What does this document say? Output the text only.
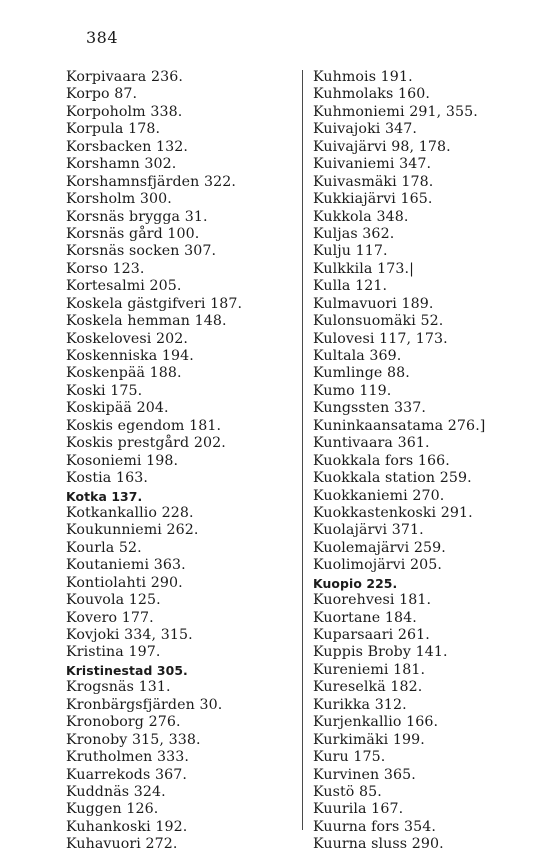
384
Korpivaara 236.
Korpo 87.
Korpoholm 338.
Korpula 178.
Korsbacken 132.
Korshamn 302.
Korshamnsfjärden 322.
Korsholm 300.
Korsnäs brygga 31.
Korsnäs gård 100.
Korsnäs socken 307.
Korso 123.
Kortesalmi 205.
Koskela gästgifveri 187.
Koskela hemman 148.
Koskelovesi 202.
Koskenniska 194.
Koskenpää 188.
Koski 175.
Koskipää 204.
Koskis egendom 181.
Koskis prestgård 202.
Kosoniemi 198.
Kostia 163.
Kotka 137.
Kotkankallio 228.
Koukunniemi 262.
Kourla 52.
Koutaniemi 363.
Kontiolahti 290.
Kouvola 125.
Kovero 177.
Kovjoki 334, 315.
Kristina 197.
Kristinestad 305.
Krogsnäs 131.
Kronbärgsfjärden 30.
Kronoborg 276.
Kronoby 315, 338.
Krutholmen 333.
Kuarrekods 367.
Kuddnäs 324.
Kuggen 126.
Kuhankoski 192.
Kuhavuori 272.
Kuhmois 191.
Kuhmolaks 160.
Kuhmoniemi 291, 355.
Kuivajoki 347.
Kuivajärvi 98, 178.
Kuivaniemi 347.
Kuivasmäki 178.
Kukkiajärvi 165.
Kukkola 348.
Kuljas 362.
Kulju 117.
Kulkkila 173.|
Kulla 121.
Kulmavuori 189.
Kulonsuomäki 52.
Kulovesi 117, 173.
Kultala 369.
Kumlinge 88.
Kumo 119.
Kungssten 337.
Kuninkaansatama 276.]
Kuntivaara 361.
Kuokkala fors 166.
Kuokkala station 259.
Kuokkaniemi 270.
Kuokkastenkoski 291.
Kuolajärvi 371.
Kuolemajärvi 259.
Kuolimojärvi 205.
Kuopio 225.
Kuorehvesi 181.
Kuortane 184.
Kuparsaari 261.
Kuppis Broby 141.
Kureniemi 181.
Kureselkä 182.
Kurikka 312.
Kurjenkallio 166.
Kurkimäki 199.
Kuru 175.
Kurvinen 365.
Kustö 85.
Kuurila 167.
Kuurna fors 354.
Kuurna sluss 290.
